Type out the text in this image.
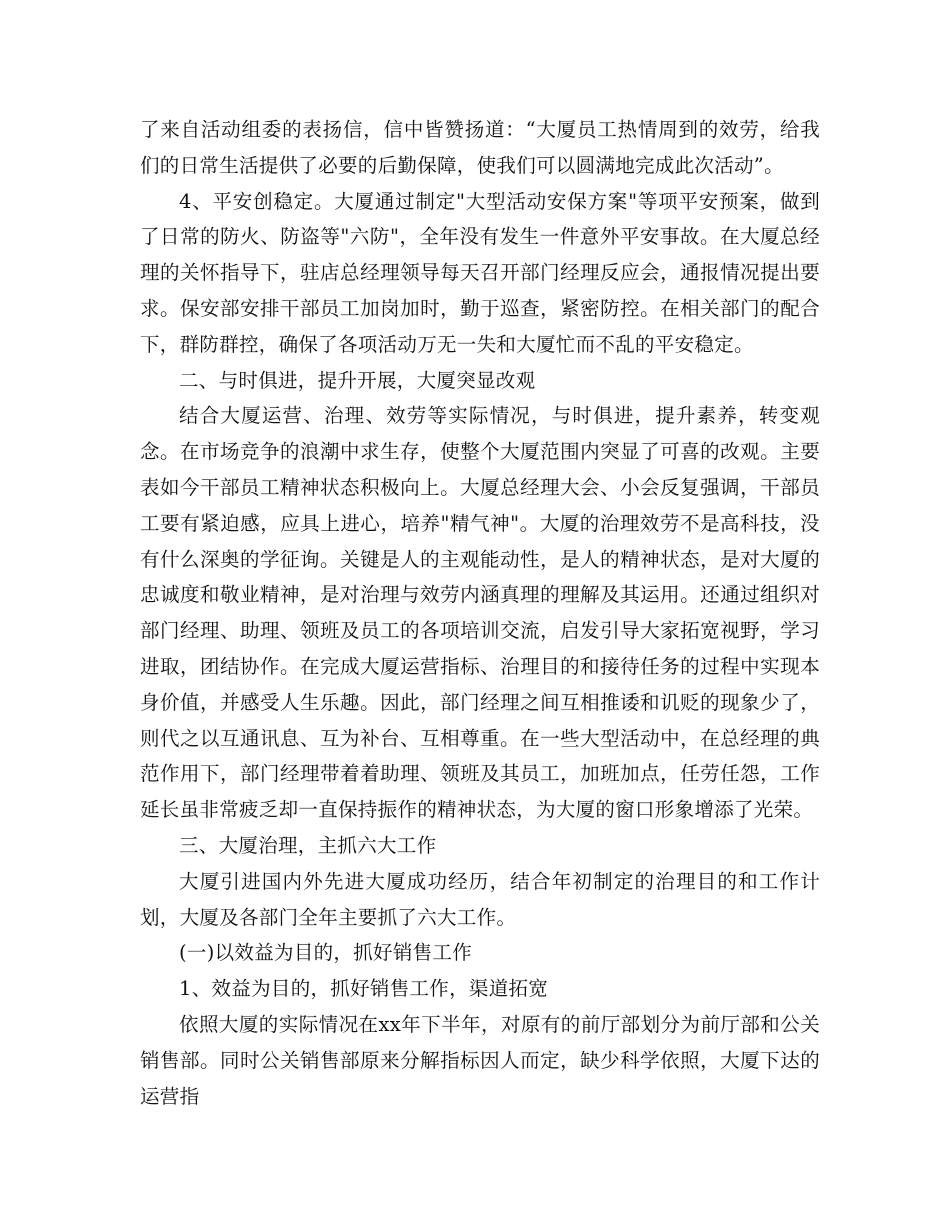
了来自活动组委的表扬信，信中皆赞扬道：“大厦员工热情周到的效劳，给我们的日常生活提供了必要的后勤保障，使我们可以圆满地完成此次活动”。

4、平安创稳定。大厦通过制定"大型活动安保方案"等项平安预案，做到了日常的防火、防盗等"六防"，全年没有发生一件意外平安事故。在大厦总经理的关怀指导下，驻店总经理领导每天召开部门经理反应会，通报情况提出要求。保安部安排干部员工加岗加时，勤于巡查，紧密防控。在相关部门的配合下，群防群控，确保了各项活动万无一失和大厦忙而不乱的平安稳定。

二、与时俱进，提升开展，大厦突显改观

结合大厦运营、治理、效劳等实际情况，与时俱进，提升素养，转变观念。在市场竞争的浪潮中求生存，使整个大厦范围内突显了可喜的改观。主要表如今干部员工精神状态积极向上。大厦总经理大会、小会反复强调，干部员工要有紧迫感，应具上进心，培养"精气神"。大厦的治理效劳不是高科技，没有什么深奥的学征询。关键是人的主观能动性，是人的精神状态，是对大厦的忠诚度和敬业精神，是对治理与效劳内涵真理的理解及其运用。还通过组织对部门经理、助理、领班及员工的各项培训交流，启发引导大家拓宽视野，学习进取，团结协作。在完成大厦运营指标、治理目的和接待任务的过程中实现本身价值，并感受人生乐趣。因此，部门经理之间互相推诿和讥贬的现象少了，则代之以互通讯息、互为补台、互相尊重。在一些大型活动中，在总经理的典范作用下，部门经理带着着助理、领班及其员工，加班加点，任劳任怨，工作延长虽非常疲乏却一直保持振作的精神状态，为大厦的窗口形象增添了光荣。

三、大厦治理，主抓六大工作

大厦引进国内外先进大厦成功经历，结合年初制定的治理目的和工作计划，大厦及各部门全年主要抓了六大工作。

(一)以效益为目的，抓好销售工作

1、效益为目的，抓好销售工作，渠道拓宽

依照大厦的实际情况在xx年下半年，对原有的前厅部划分为前厅部和公关销售部。同时公关销售部原来分解指标因人而定，缺少科学依照，大厦下达的运营指
